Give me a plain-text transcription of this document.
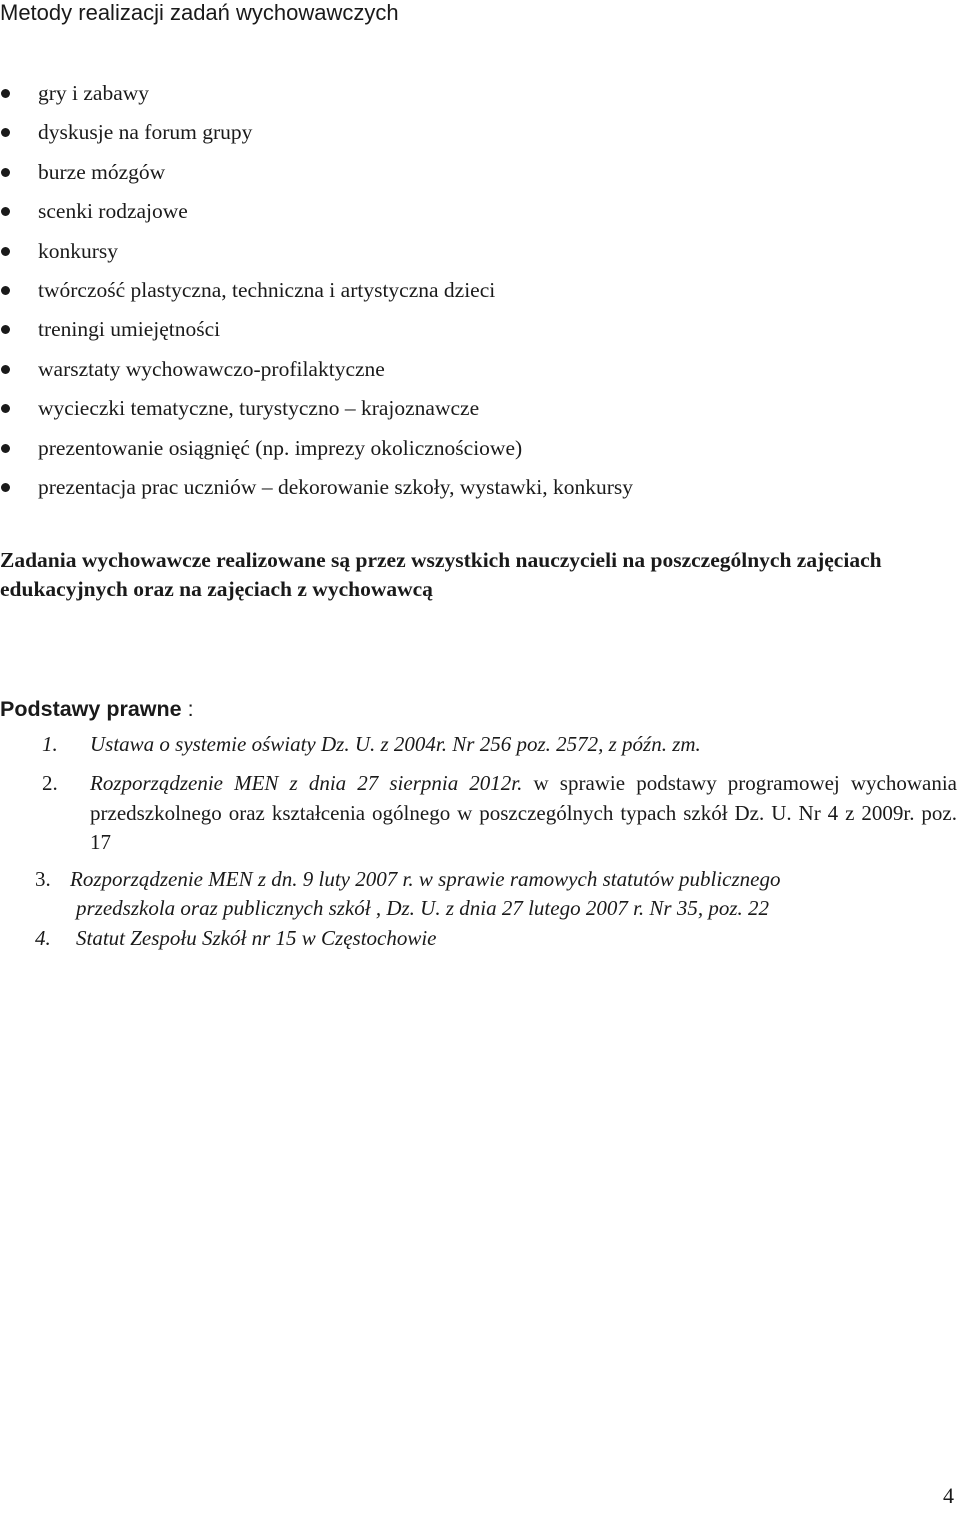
Metody realizacji zadań wychowawczych
gry i zabawy
dyskusje na forum grupy
burze mózgów
scenki rodzajowe
konkursy
twórczość plastyczna, techniczna i artystyczna dzieci
treningi umiejętności
warsztaty wychowawczo-profilaktyczne
wycieczki tematyczne, turystyczno – krajoznawcze
prezentowanie osiągnięć (np. imprezy okolicznościowe)
prezentacja prac uczniów – dekorowanie szkoły, wystawki, konkursy
Zadania wychowawcze realizowane są przez wszystkich nauczycieli na poszczególnych zajęciach edukacyjnych oraz na zajęciach z wychowawcą
Podstawy prawne :
1. Ustawa o systemie oświaty Dz. U. z 2004r. Nr 256 poz. 2572, z późn. zm.
2. Rozporządzenie MEN z dnia 27 sierpnia 2012r. w sprawie podstawy programowej wychowania przedszkolnego oraz kształcenia ogólnego w poszczególnych typach szkół Dz. U. Nr 4 z 2009r. poz. 17
3. Rozporządzenie MEN z dn. 9 luty 2007 r. w sprawie ramowych statutów publicznego
przedszkola oraz publicznych szkół , Dz. U. z dnia 27 lutego 2007 r. Nr 35, poz. 22
4. Statut Zespołu Szkół nr 15 w Częstochowie
4
